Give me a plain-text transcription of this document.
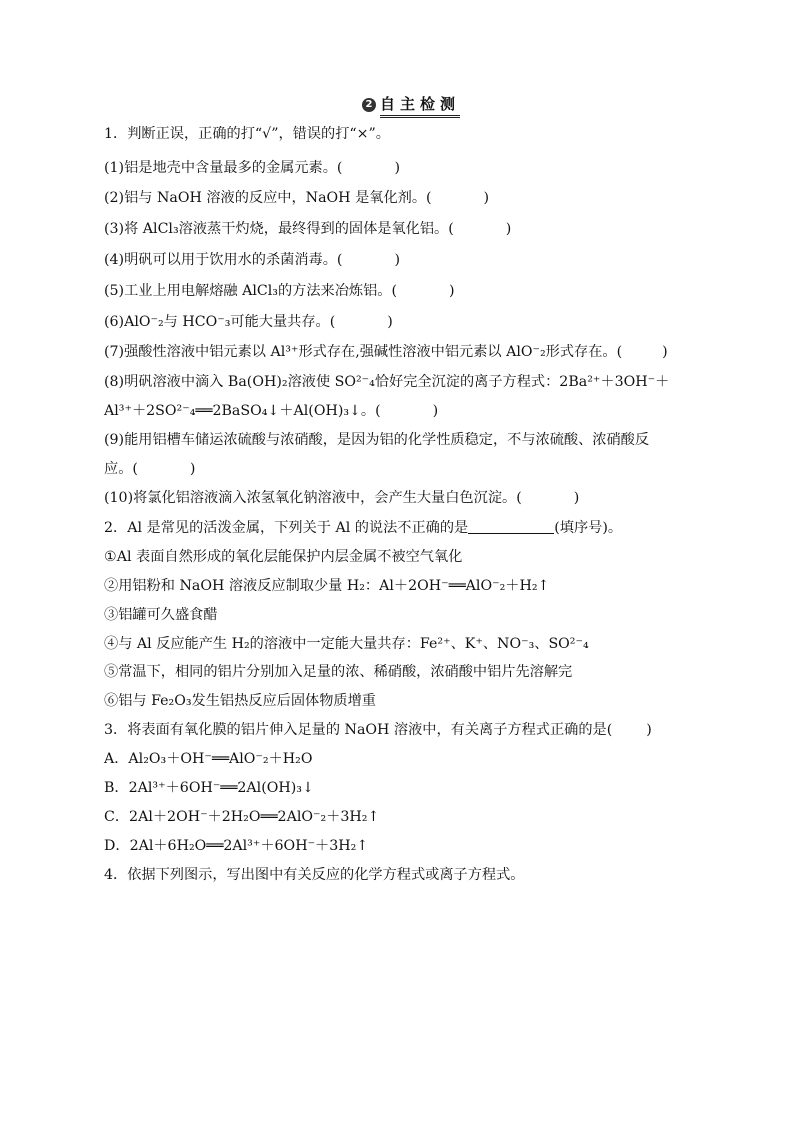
2 自主检测
1．判断正误，正确的打“√”，错误的打“×”。
(1)铝是地壳中含量最多的金属元素。(	)
(2)铝与 NaOH 溶液的反应中，NaOH 是氧化剂。(	)
(3)将 AlCl₃溶液蒸干灼烧，最终得到的固体是氧化铝。(	)
(4)明矾可以用于饮用水的杀菌消毒。(	)
(5)工业上用电解熔融 AlCl₃的方法来冶炼铝。(	)
(6)AlO⁻₂与 HCO⁻₃可能大量共存。(	)
(7)强酸性溶液中铝元素以 Al³⁺形式存在,强碱性溶液中铝元素以 AlO⁻₂形式存在。(	)
(8)明矾溶液中滴入 Ba(OH)₂溶液使 SO²⁻₄恰好完全沉淀的离子方程式：2Ba²⁺＋3OH⁻＋
Al³⁺＋2SO²⁻₄══2BaSO₄↓＋Al(OH)₃↓。(	)
(9)能用铝槽车储运浓硫酸与浓硝酸，是因为铝的化学性质稳定，不与浓硫酸、浓硝酸反
应。(	)
(10)将氯化铝溶液滴入浓氢氧化钠溶液中，会产生大量白色沉淀。(	)
2．Al 是常见的活泼金属，下列关于 Al 的说法不正确的是	(填序号)。
①Al 表面自然形成的氧化层能保护内层金属不被空气氧化
②用铝粉和 NaOH 溶液反应制取少量 H₂：Al＋2OH⁻══AlO⁻₂＋H₂↑
③铝罐可久盛食醋
④与 Al 反应能产生 H₂的溶液中一定能大量共存：Fe²⁺、K⁺、NO⁻₃、SO²⁻₄
⑤常温下，相同的铝片分别加入足量的浓、稀硝酸，浓硝酸中铝片先溶解完
⑥铝与 Fe₂O₃发生铝热反应后固体物质增重
3．将表面有氧化膜的铝片伸入足量的 NaOH 溶液中，有关离子方程式正确的是( )
A．Al₂O₃＋OH⁻══AlO⁻₂＋H₂O
B．2Al³⁺＋6OH⁻══2Al(OH)₃↓
C．2Al＋2OH⁻＋2H₂O══2AlO⁻₂＋3H₂↑
D．2Al＋6H₂O══2Al³⁺＋6OH⁻＋3H₂↑
4．依据下列图示，写出图中有关反应的化学方程式或离子方程式。
